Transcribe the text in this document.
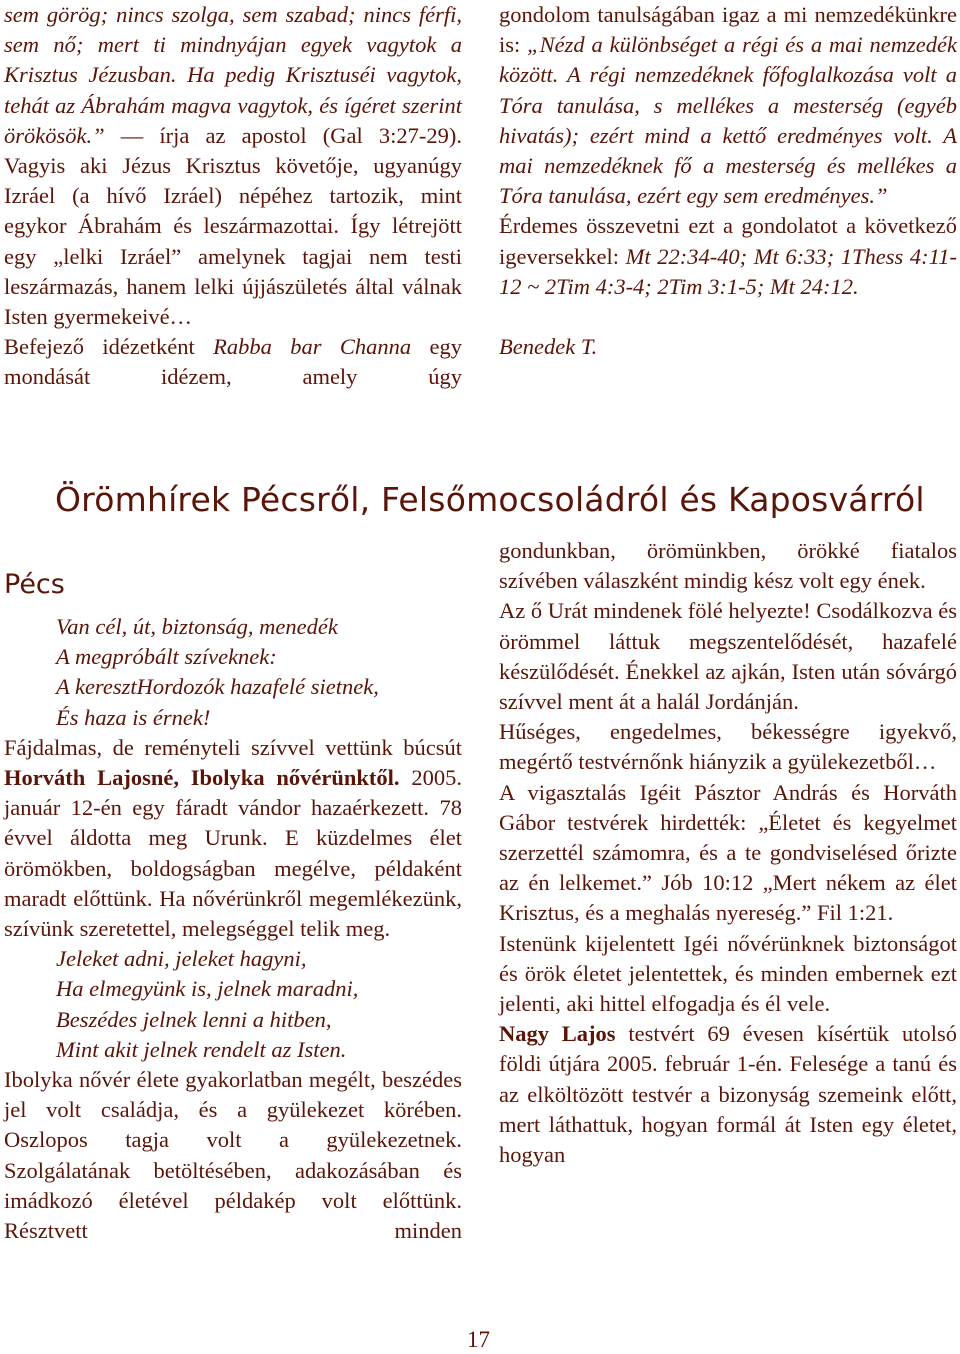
sem görög; nincs szolga, sem szabad; nincs férfi, sem nő; mert ti mindnyájan egyek vagytok a Krisztus Jézusban. Ha pedig Krisztuséi vagytok, tehát az Ábrahám magva vagytok, és ígéret szerint örökösök.” — írja az apostol (Gal 3:27-29). Vagyis aki Jézus Krisztus követője, ugyanúgy Izráel (a hívő Izráel) népéhez tartozik, mint egykor Ábrahám és leszármazottai. Így létrejött egy „lelki Izráel” amelynek tagjai nem testi leszármazás, hanem lelki újjászületés által válnak Isten gyermekeivé…

Befejező idézetként Rabba bar Channa egy mondását idézem, amely úgy

gondolom tanulságában igaz a mi nemzedékünkre is: „Nézd a különbséget a régi és a mai nemzedék között. A régi nemzedéknek főfoglalkozása volt a Tóra tanulása, s mellékes a mesterség (egyéb hivatás); ezért mind a kettő eredményes volt. A mai nemzedéknek fő a mesterség és mellékes a Tóra tanulása, ezért egy sem eredményes.”

Érdemes összevetni ezt a gondolatot a következő igeversekkel: Mt 22:34-40; Mt 6:33; 1Thess 4:11-12 ~ 2Tim 4:3-4; 2Tim 3:1-5; Mt 24:12.

Benedek T.

Örömhírek Pécsről, Felsőmocsoládról és Kaposvárról
Pécs

Van cél, út, biztonság, menedék

A megpróbált szíveknek:

A keresztHordozók hazafelé sietnek,

És haza is érnek!

Fájdalmas, de reményteli szívvel vettünk búcsút Horváth Lajosné, Ibolyka nővérünktől. 2005. január 12-én egy fáradt vándor hazaérkezett. 78 évvel áldotta meg Urunk. E küzdelmes élet örömökben, boldogságban megélve, példaként maradt előttünk. Ha nővérünkről megemlékezünk, szívünk szeretettel, melegséggel telik meg.

Jeleket adni, jeleket hagyni,

Ha elmegyünk is, jelnek maradni,

Beszédes jelnek lenni a hitben,

Mint akit jelnek rendelt az Isten.

Ibolyka nővér élete gyakorlatban megélt, beszédes jel volt családja, és a gyülekezet körében. Oszlopos tagja volt a gyülekezetnek. Szolgálatának betöltésében, adakozásában és imádkozó életével példakép volt előttünk. Résztvett minden

gondunkban, örömünkben, örökké fiatalos szívében válaszként mindig kész volt egy ének.

Az ő Urát mindenek fölé helyezte! Csodálkozva és örömmel láttuk megszentelődését, hazafelé készülődését. Énekkel az ajkán, Isten után sóvárgó szívvel ment át a halál Jordánján.

Hűséges, engedelmes, békességre igyekvő, megértő testvérnőnk hiányzik a gyülekezetből…

A vigasztalás Igéit Pásztor András és Horváth Gábor testvérek hirdették: „Életet és kegyelmet szerzettél számomra, és a te gondviselésed őrizte az én lelkemet.” Jób 10:12 „Mert nékem az élet Krisztus, és a meghalás nyereség.” Fil 1:21.

Istenünk kijelentett Igéi nővérünknek biztonságot és örök életet jelentettek, és minden embernek ezt jelenti, aki hittel elfogadja és él vele.

Nagy Lajos testvért 69 évesen kísértük utolsó földi útjára 2005. február 1-én. Felesége a tanú és az elköltözött testvér a bizonyság szemeink előtt, mert láthattuk, hogyan formál át Isten egy életet, hogyan

17
